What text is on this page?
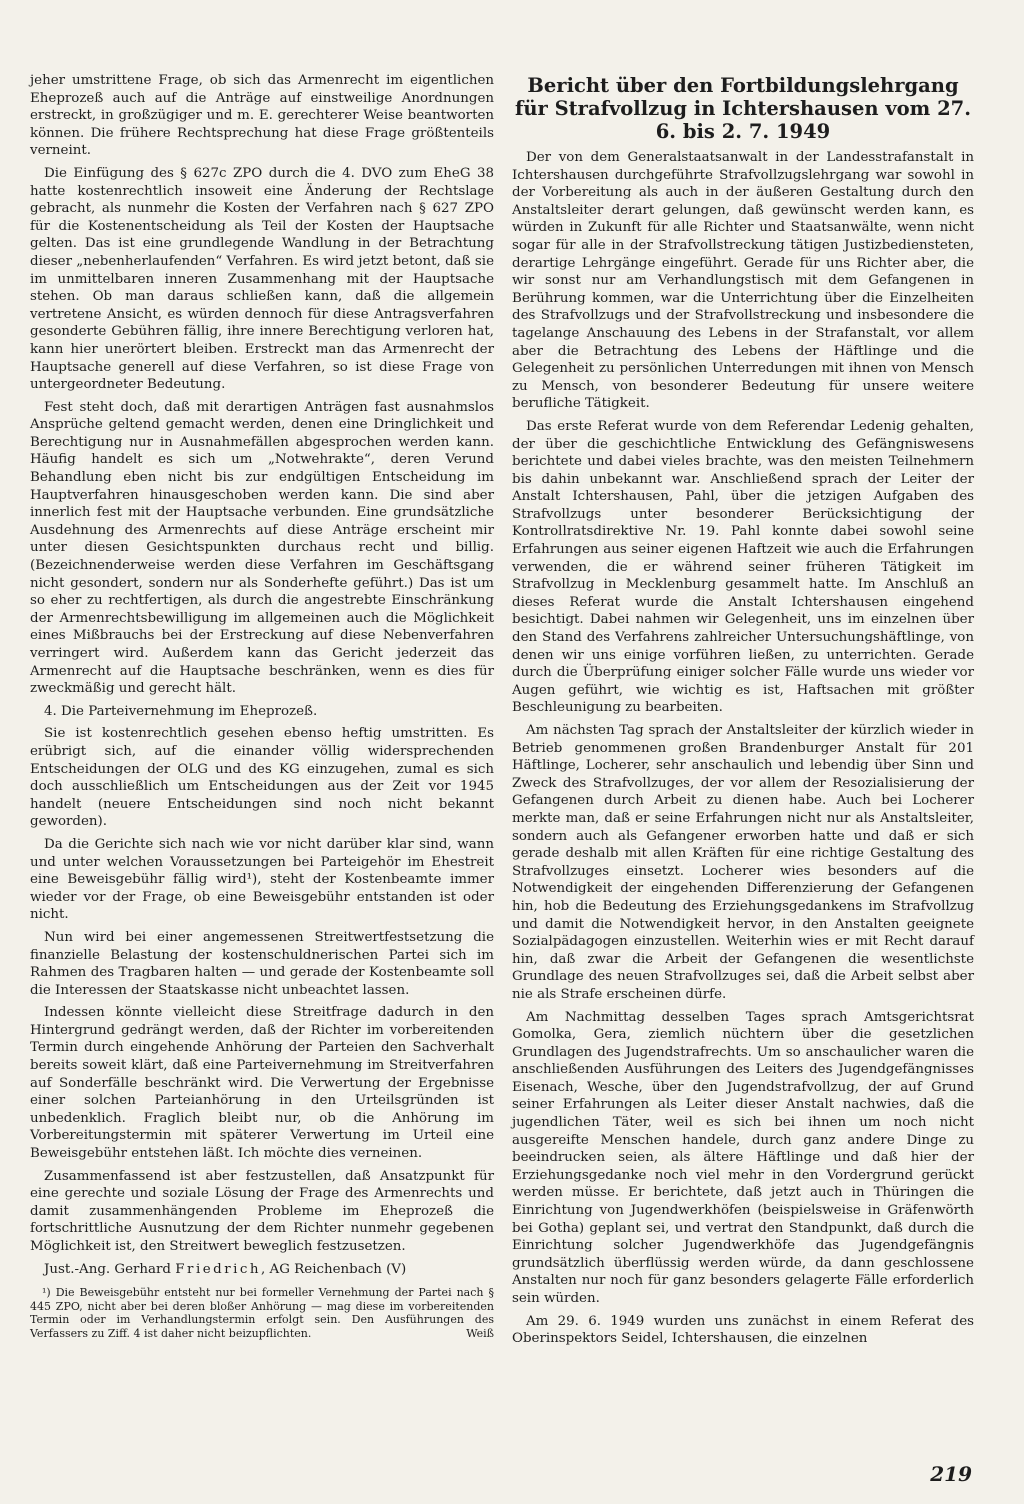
jeher umstrittene Frage, ob sich das Armenrecht im eigentlichen Eheprozeß auch auf die Anträge auf einstweilige Anordnungen erstreckt, in großzügiger und m. E. gerechterer Weise beantworten können. Die frühere Rechtsprechung hat diese Frage größtenteils verneint.

Die Einfügung des § 627c ZPO durch die 4. DVO zum EheG 38 hatte kostenrechtlich insoweit eine Änderung der Rechtslage gebracht, als nunmehr die Kosten der Verfahren nach § 627 ZPO für die Kostenentscheidung als Teil der Kosten der Hauptsache gelten. Das ist eine grundlegende Wandlung in der Betrachtung dieser „nebenherlaufenden“ Verfahren. Es wird jetzt betont, daß sie im unmittelbaren inneren Zusammenhang mit der Hauptsache stehen. Ob man daraus schließen kann, daß die allgemein vertretene Ansicht, es würden dennoch für diese Antragsverfahren gesonderte Gebühren fällig, ihre innere Berechtigung verloren hat, kann hier unerörtert bleiben. Erstreckt man das Armenrecht der Hauptsache generell auf diese Verfahren, so ist diese Frage von untergeordneter Bedeutung.

Fest steht doch, daß mit derartigen Anträgen fast ausnahmslos Ansprüche geltend gemacht werden, denen eine Dringlichkeit und Berechtigung nur in Ausnahmefällen abgesprochen werden kann. Häufig handelt es sich um „Notwehrakte“, deren Verund Behandlung eben nicht bis zur endgültigen Entscheidung im Hauptverfahren hinausgeschoben werden kann. Die sind aber innerlich fest mit der Hauptsache verbunden. Eine grundsätzliche Ausdehnung des Armenrechts auf diese Anträge erscheint mir unter diesen Gesichtspunkten durchaus recht und billig. (Bezeichnenderweise werden diese Verfahren im Geschäftsgang nicht gesondert, sondern nur als Sonderhefte geführt.) Das ist um so eher zu rechtfertigen, als durch die angestrebte Einschränkung der Armenrechtsbewilligung im allgemeinen auch die Möglichkeit eines Mißbrauchs bei der Erstreckung auf diese Nebenverfahren verringert wird. Außerdem kann das Gericht jederzeit das Armenrecht auf die Hauptsache beschränken, wenn es dies für zweckmäßig und gerecht hält.

4. Die Parteivernehmung im Eheprozeß.

Sie ist kostenrechtlich gesehen ebenso heftig umstritten. Es erübrigt sich, auf die einander völlig widersprechenden Entscheidungen der OLG und des KG einzugehen, zumal es sich doch ausschließlich um Entscheidungen aus der Zeit vor 1945 handelt (neuere Entscheidungen sind noch nicht bekannt geworden).

Da die Gerichte sich nach wie vor nicht darüber klar sind, wann und unter welchen Voraussetzungen bei Parteigehör im Ehestreit eine Beweisgebühr fällig wird¹), steht der Kostenbeamte immer wieder vor der Frage, ob eine Beweisgebühr entstanden ist oder nicht.

Nun wird bei einer angemessenen Streitwertfestsetzung die finanzielle Belastung der kostenschuldnerischen Partei sich im Rahmen des Tragbaren halten — und gerade der Kostenbeamte soll die Interessen der Staatskasse nicht unbeachtet lassen.

Indessen könnte vielleicht diese Streitfrage dadurch in den Hintergrund gedrängt werden, daß der Richter im vorbereitenden Termin durch eingehende Anhörung der Parteien den Sachverhalt bereits soweit klärt, daß eine Parteivernehmung im Streitverfahren auf Sonderfälle beschränkt wird. Die Verwertung der Ergebnisse einer solchen Parteianhörung in den Urteilsgründen ist unbedenklich. Fraglich bleibt nur, ob die Anhörung im Vorbereitungstermin mit späterer Verwertung im Urteil eine Beweisgebühr entstehen läßt. Ich möchte dies verneinen.

Zusammenfassend ist aber festzustellen, daß Ansatzpunkt für eine gerechte und soziale Lösung der Frage des Armenrechts und damit zusammenhängenden Probleme im Eheprozeß die fortschrittliche Ausnutzung der dem Richter nunmehr gegebenen Möglichkeit ist, den Streitwert beweglich festzusetzen.

Just.-Ang. Gerhard Friedrich, AG Reichenbach (V)

¹) Die Beweisgebühr entsteht nur bei formeller Vernehmung der Partei nach § 445 ZPO, nicht aber bei deren bloßer Anhörung — mag diese im vorbereitenden Termin oder im Verhandlungstermin erfolgt sein. Den Ausführungen des Verfassers zu Ziff. 4 ist daher nicht beizupflichten.	Weiß
Bericht über den Fortbildungslehrgang für Strafvollzug in Ichtershausen vom 27. 6. bis 2. 7. 1949

Der von dem Generalstaatsanwalt in der Landesstrafanstalt in Ichtershausen durchgeführte Strafvollzugslehrgang war sowohl in der Vorbereitung als auch in der äußeren Gestaltung durch den Anstaltsleiter derart gelungen, daß gewünscht werden kann, es würden in Zukunft für alle Richter und Staatsanwälte, wenn nicht sogar für alle in der Strafvollstreckung tätigen Justizbediensteten, derartige Lehrgänge eingeführt. Gerade für uns Richter aber, die wir sonst nur am Verhandlungstisch mit dem Gefangenen in Berührung kommen, war die Unterrichtung über die Einzelheiten des Strafvollzugs und der Strafvollstreckung und insbesondere die tagelange Anschauung des Lebens in der Strafanstalt, vor allem aber die Betrachtung des Lebens der Häftlinge und die Gelegenheit zu persönlichen Unterredungen mit ihnen von Mensch zu Mensch, von besonderer Bedeutung für unsere weitere berufliche Tätigkeit.

Das erste Referat wurde von dem Referendar Ledenig gehalten, der über die geschichtliche Entwicklung des Gefängniswesens berichtete und dabei vieles brachte, was den meisten Teilnehmern bis dahin unbekannt war. Anschließend sprach der Leiter der Anstalt Ichtershausen, Pahl, über die jetzigen Aufgaben des Strafvollzugs unter besonderer Berücksichtigung der Kontrollratsdirektive Nr. 19. Pahl konnte dabei sowohl seine Erfahrungen aus seiner eigenen Haftzeit wie auch die Erfahrungen verwenden, die er während seiner früheren Tätigkeit im Strafvollzug in Mecklenburg gesammelt hatte. Im Anschluß an dieses Referat wurde die Anstalt Ichtershausen eingehend besichtigt. Dabei nahmen wir Gelegenheit, uns im einzelnen über den Stand des Verfahrens zahlreicher Untersuchungshäftlinge, von denen wir uns einige vorführen ließen, zu unterrichten. Gerade durch die Überprüfung einiger solcher Fälle wurde uns wieder vor Augen geführt, wie wichtig es ist, Haftsachen mit größter Beschleunigung zu bearbeiten.

Am nächsten Tag sprach der Anstaltsleiter der kürzlich wieder in Betrieb genommenen großen Brandenburger Anstalt für 201 Häftlinge, Locherer, sehr anschaulich und lebendig über Sinn und Zweck des Strafvollzuges, der vor allem der Resozialisierung der Gefangenen durch Arbeit zu dienen habe. Auch bei Locherer merkte man, daß er seine Erfahrungen nicht nur als Anstaltsleiter, sondern auch als Gefangener erworben hatte und daß er sich gerade deshalb mit allen Kräften für eine richtige Gestaltung des Strafvollzuges einsetzt. Locherer wies besonders auf die Notwendigkeit der eingehenden Differenzierung der Gefangenen hin, hob die Bedeutung des Erziehungsgedankens im Strafvollzug und damit die Notwendigkeit hervor, in den Anstalten geeignete Sozialpädagogen einzustellen. Weiterhin wies er mit Recht darauf hin, daß zwar die Arbeit der Gefangenen die wesentlichste Grundlage des neuen Strafvollzuges sei, daß die Arbeit selbst aber nie als Strafe erscheinen dürfe.

Am Nachmittag desselben Tages sprach Amtsgerichtsrat Gomolka, Gera, ziemlich nüchtern über die gesetzlichen Grundlagen des Jugendstrafrechts. Um so anschaulicher waren die anschließenden Ausführungen des Leiters des Jugendgefängnisses Eisenach, Wesche, über den Jugendstrafvollzug, der auf Grund seiner Erfahrungen als Leiter dieser Anstalt nachwies, daß die jugendlichen Täter, weil es sich bei ihnen um noch nicht ausgereifte Menschen handele, durch ganz andere Dinge zu beeindrucken seien, als ältere Häftlinge und daß hier der Erziehungsgedanke noch viel mehr in den Vordergrund gerückt werden müsse. Er berichtete, daß jetzt auch in Thüringen die Einrichtung von Jugendwerkhöfen (beispielsweise in Gräfenwörth bei Gotha) geplant sei, und vertrat den Standpunkt, daß durch die Einrichtung solcher Jugendwerkhöfe das Jugendgefängnis grundsätzlich überflüssig werden würde, da dann geschlossene Anstalten nur noch für ganz besonders gelagerte Fälle erforderlich sein würden.

Am 29. 6. 1949 wurden uns zunächst in einem Referat des Oberinspektors Seidel, Ichtershausen, die einzelnen

219
